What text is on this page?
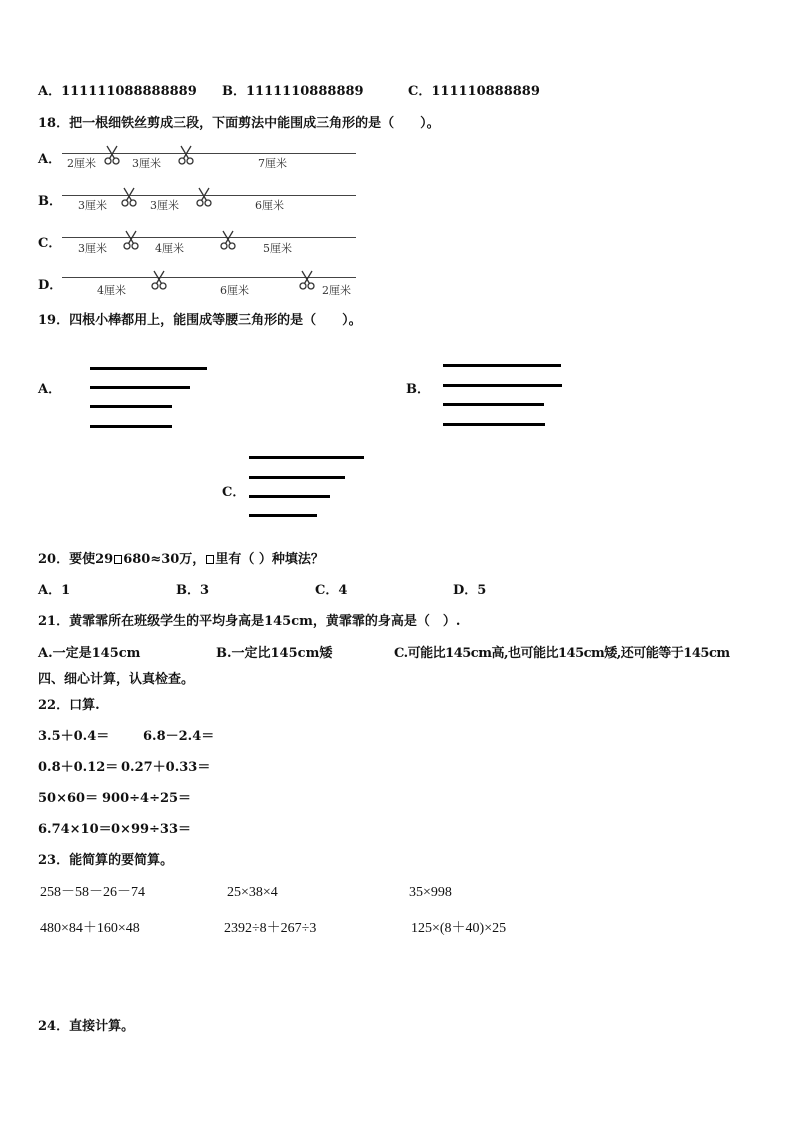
A．111111088888889 B．1111110888889	C．111110888889
18．把一根细铁丝剪成三段，下面剪法中能围成三角形的是（　　）。
A． 2厘米	3厘米	7厘米
B． 3厘米	3厘米	6厘米
C． 3厘米	4厘米	5厘米
D．	4厘米	6厘米	2厘米
19．四根小棒都用上，能围成等腰三角形的是（　　）。
A．	B．
C．
20．要使29 680≈30万， 里有（ ）种填法？
A．1	B．3	C．4	D．5
21．黄霏霏所在班级学生的平均身高是145cm，黄霏霏的身高是（　）.
A.一定是145cm	B.一定比145cm矮	C.可能比145cm高,也可能比145cm矮,还可能等于145cm
四、细心计算，认真检查。
22．口算.
3.5＋0.4＝	6.8－2.4＝
0.8＋0.12＝ 0.27＋0.33＝
50×60＝ 900÷4÷25＝
6.74×10＝ 0×99÷33＝
23．能简算的要简算。
258－58－26－74	25×38×4	35×998
480×84＋160×48	2392÷8＋267÷3	125×(8＋40)×25
24．直接计算。
